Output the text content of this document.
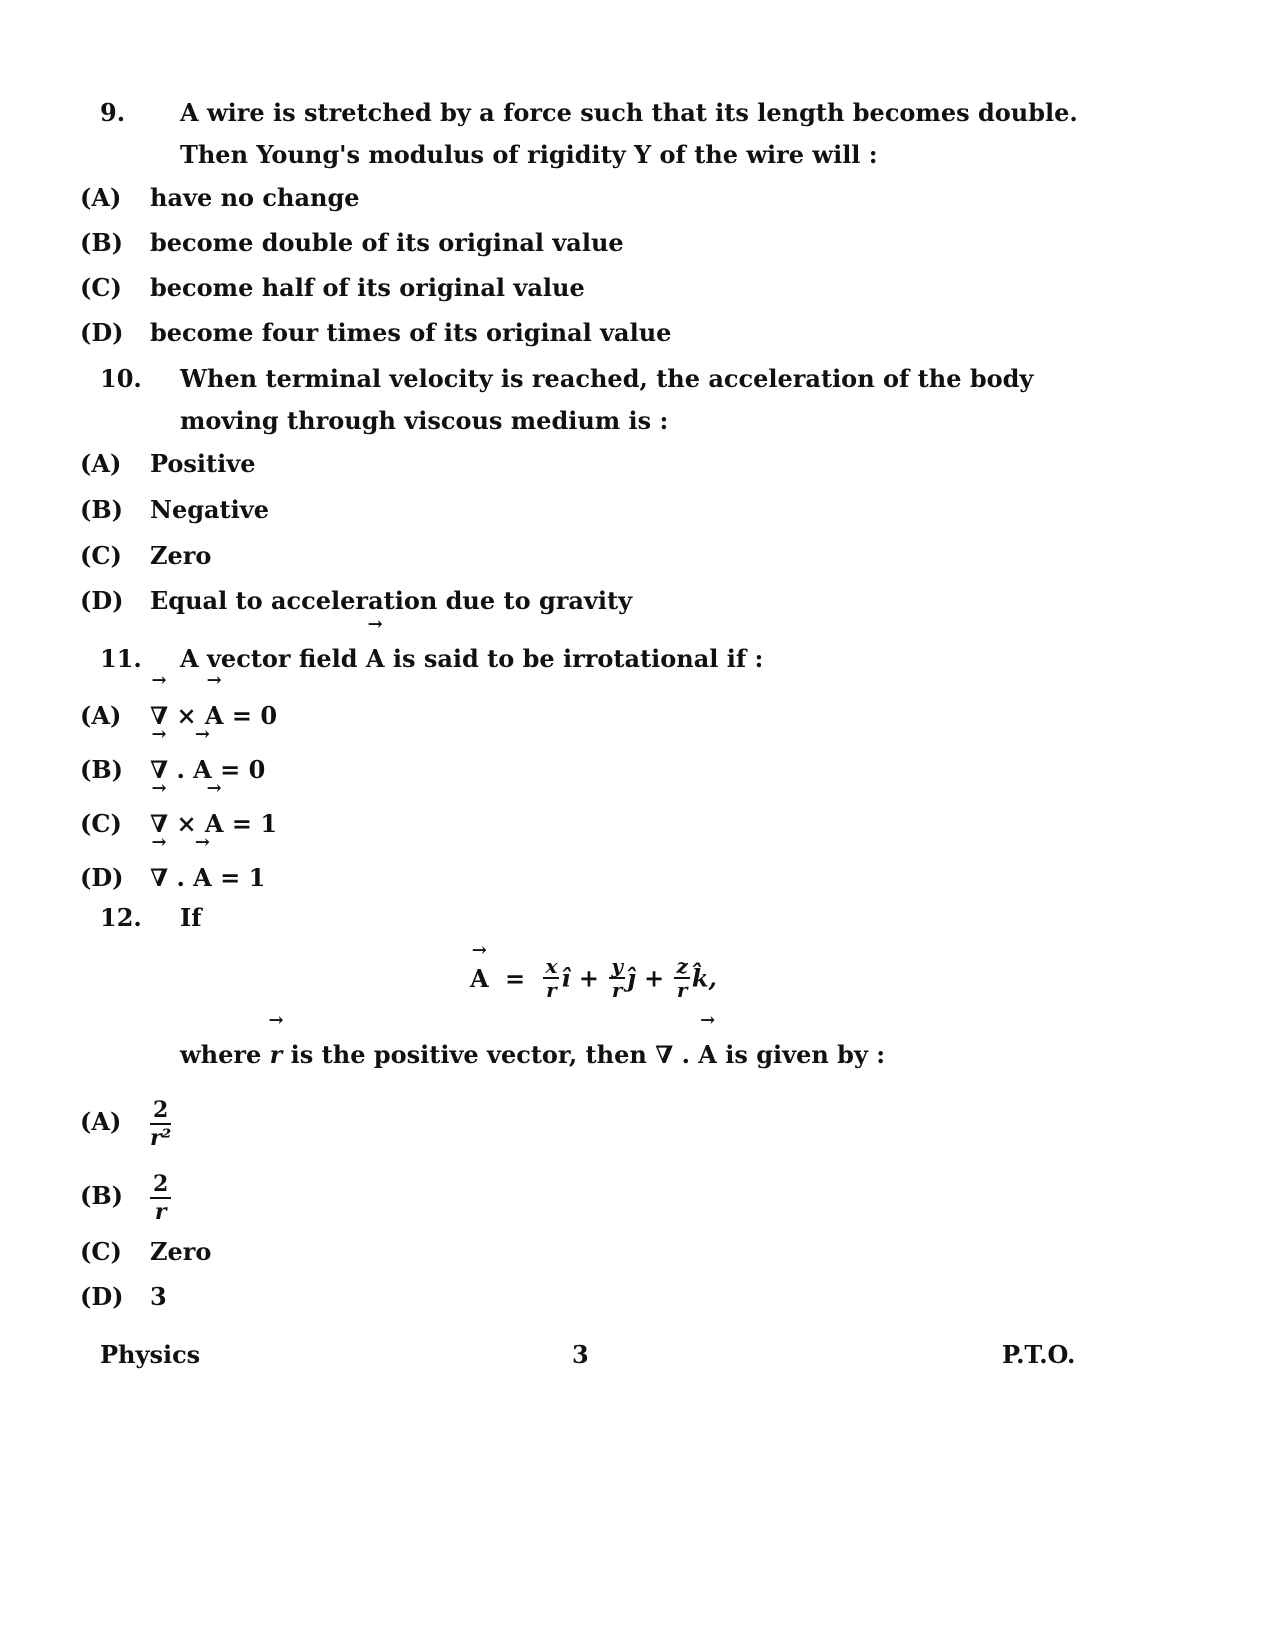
9.	A wire is stretched by a force such that its length becomes double. Then Young's modulus of rigidity Y of the wire will :
(A)	have no change
(B)	become double of its original value
(C)	become half of its original value
(D)	become four times of its original value
10.	When terminal velocity is reached, the acceleration of the body moving through viscous medium is :
(A)	Positive
(B)	Negative
(C)	Zero
(D)	Equal to acceleration due to gravity
11.	A vector field → A is said to be irrotational if :
(A)	→ ∇ × → A = 0
(B)	→ ∇ . → A = 0
(C)	→ ∇ × → A = 1
(D)	→ ∇ . → A = 1
12.	If
→ $A = \frac{x}{r}$ î + $\frac{y}{r}$ ĵ + $\frac{z}{r}$ k̂,
where → r is the positive vector, then ∇ . → A is given by :
(A)	$\frac{2}{\text{r²}}$
(B)	$\frac{2}{r}$
(C)	Zero
(D)	3
Physics	3	P.T.O.
